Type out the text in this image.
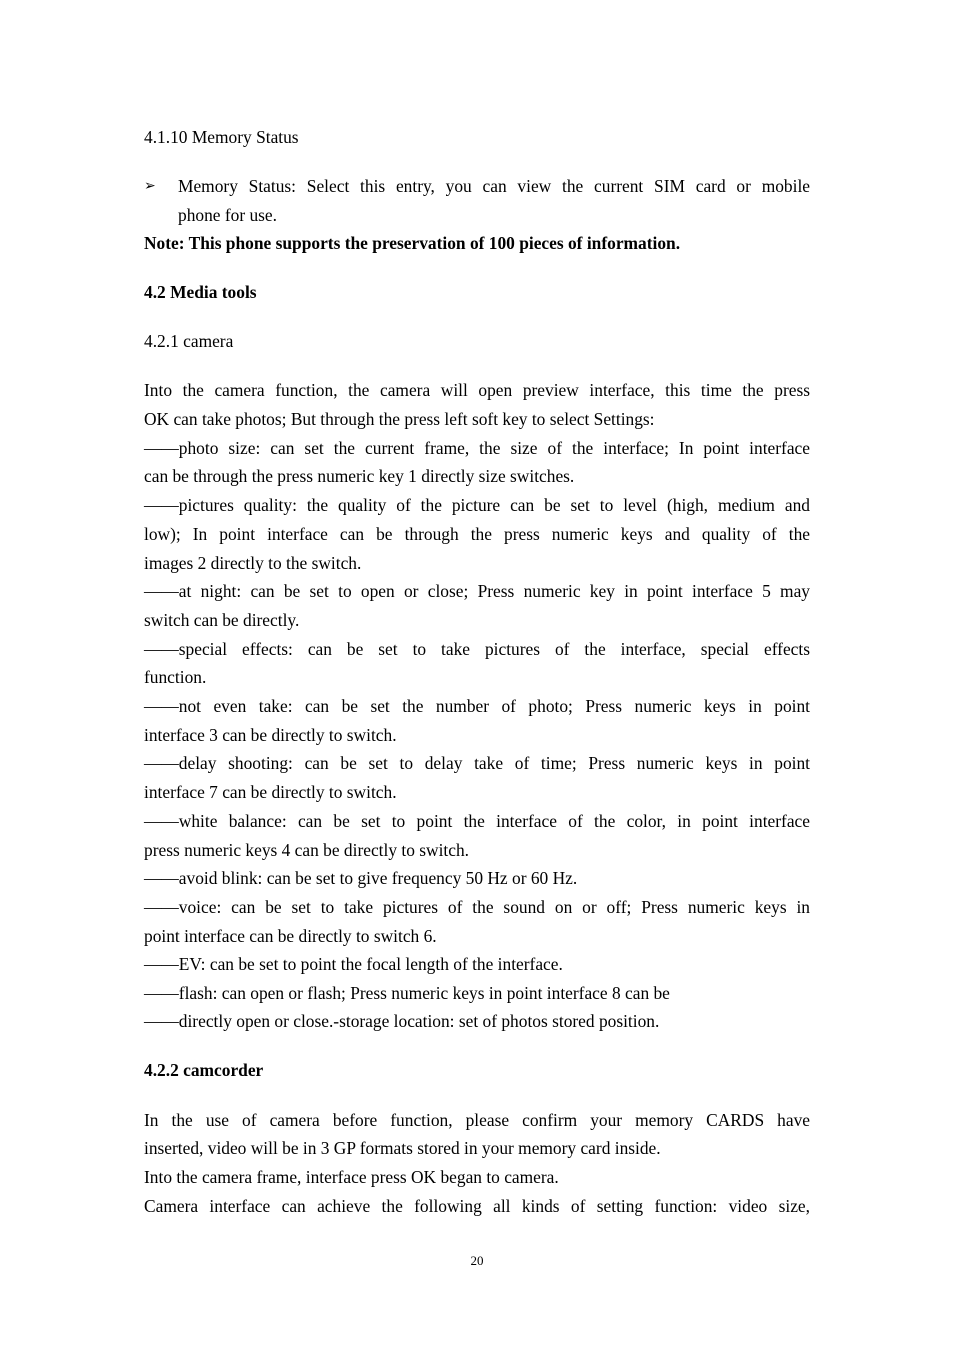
4.1.10 Memory Status
➢ Memory Status: Select this entry, you can view the current SIM card or mobile
phone for use.
Note: This phone supports the preservation of 100 pieces of information.
4.2 Media tools
4.2.1 camera
Into the camera function, the camera will open preview interface, this time the press
OK can take photos; But through the press left soft key to select Settings:
——photo size: can set the current frame, the size of the interface; In point interface
can be through the press numeric key 1 directly size switches.
——pictures quality: the quality of the picture can be set to level (high, medium and
low); In point interface can be through the press numeric keys and quality of the
images 2 directly to the switch.
——at night: can be set to open or close; Press numeric key in point interface 5 may
switch can be directly.
——special effects: can be set to take pictures of the interface, special effects
function.
——not even take: can be set the number of photo; Press numeric keys in point
interface 3 can be directly to switch.
——delay shooting: can be set to delay take of time; Press numeric keys in point
interface 7 can be directly to switch.
——white balance: can be set to point the interface of the color, in point interface
press numeric keys 4 can be directly to switch.
——avoid blink: can be set to give frequency 50 Hz or 60 Hz.
——voice: can be set to take pictures of the sound on or off; Press numeric keys in
point interface can be directly to switch 6.
——EV: can be set to point the focal length of the interface.
——flash: can open or flash; Press numeric keys in point interface 8 can be
——directly open or close.-storage location: set of photos stored position.
4.2.2 camcorder
In the use of camera before function, please confirm your memory CARDS have
inserted, video will be in 3 GP formats stored in your memory card inside.
Into the camera frame, interface press OK began to camera.
Camera interface can achieve the following all kinds of setting function: video size,
20
